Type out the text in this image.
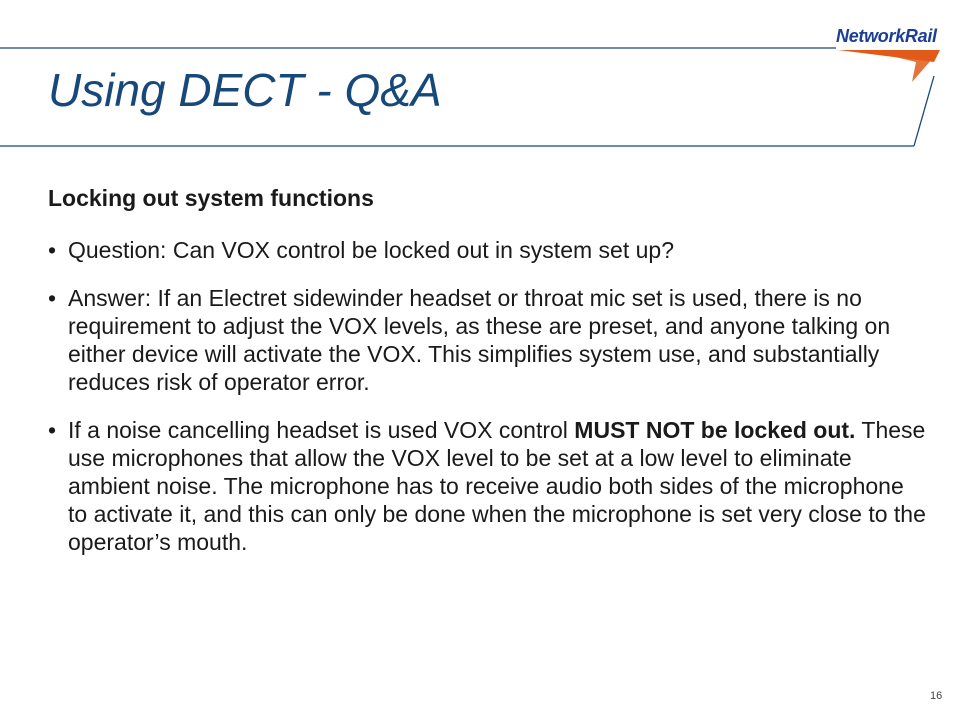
NetworkRail
Using DECT - Q&A
Locking out system functions
• Question: Can VOX control be locked out in system set up?
• Answer: If an Electret sidewinder headset or throat mic set is used, there is no requirement to adjust the VOX levels, as these are preset, and anyone talking on either device will activate the VOX. This simplifies system use, and substantially reduces risk of operator error.
• If a noise cancelling headset is used VOX control MUST NOT be locked out. These use microphones that allow the VOX level to be set at a low level to eliminate ambient noise. The microphone has to receive audio both sides of the microphone to activate it, and this can only be done when the microphone is set very close to the operator’s mouth.
16
